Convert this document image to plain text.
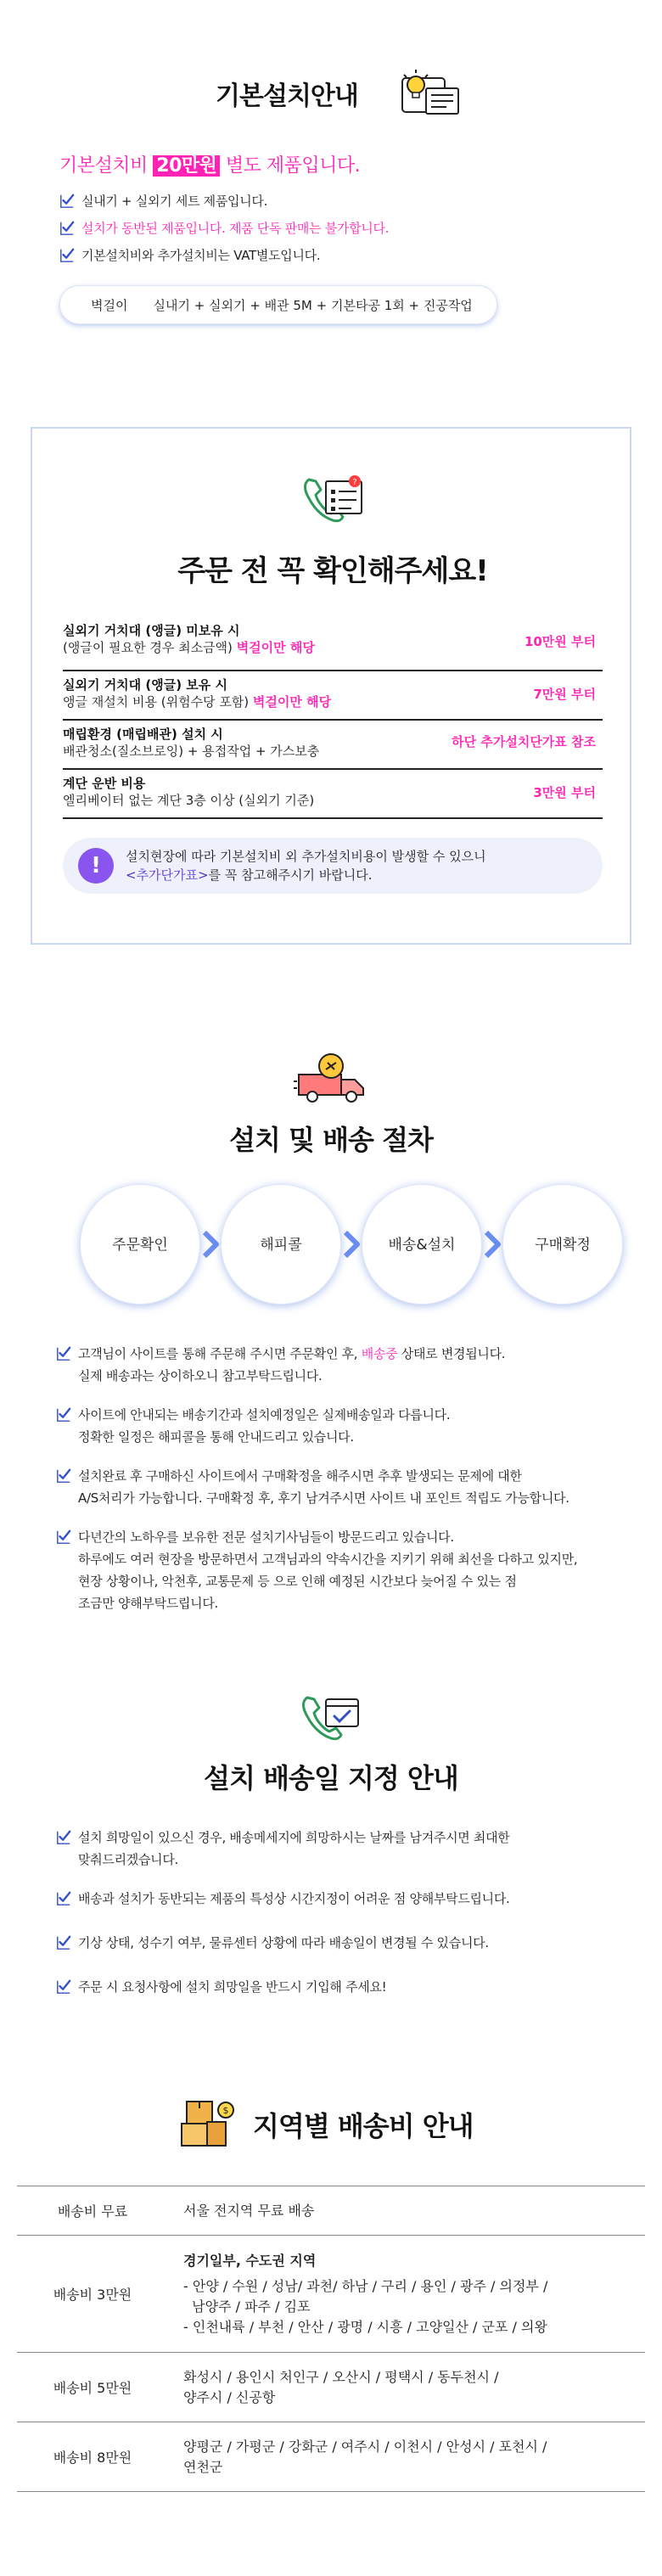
기본설치안내
기본설치비 20만원 별도 제품입니다.
실내기 + 실외기 세트 제품입니다.
설치가 동반된 제품입니다. 제품 단독 판매는 불가합니다.
기본설치비와 추가설치비는 VAT별도입니다.
벽걸이 실내기 + 실외기 + 배관 5M + 기본타공 1회 + 진공작업
?
주문 전 꼭 확인해주세요!
실외기 거치대 (앵글) 미보유 시
(앵글이 필요한 경우 최소금액) 벽걸이만 해당	10만원 부터
실외기 거치대 (앵글) 보유 시
앵글 재설치 비용 (위험수당 포함) 벽걸이만 해당	7만원 부터
매립환경 (매립배관) 설치 시
배관청소(질소브로잉) + 용접작업 + 가스보충
하단 추가설치단가표 참조
계단 운반 비용
엘리베이터 없는 계단 3층 이상 (실외기 기준)	3만원 부터
!	설치현장에 따라 기본설치비 외 추가설치비용이 발생할 수 있으니
<추가단가표>를 꼭 참고해주시기 바랍니다.
설치 및 배송 절차
주문확인	해피콜	배송&설치	구매확정
고객님이 사이트를 통해 주문해 주시면 주문확인 후, 배송중 상태로 변경됩니다.
실제 배송과는 상이하오니 참고부탁드립니다.
사이트에 안내되는 배송기간과 설치예정일은 실제배송일과 다릅니다.
정확한 일정은 해피콜을 통해 안내드리고 있습니다.
설치완료 후 구매하신 사이트에서 구매확정을 해주시면 추후 발생되는 문제에 대한
A/S처리가 가능합니다. 구매확정 후, 후기 남겨주시면 사이트 내 포인트 적립도 가능합니다.
다년간의 노하우를 보유한 전문 설치기사님들이 방문드리고 있습니다.
하루에도 여러 현장을 방문하면서 고객님과의 약속시간을 지키기 위해 최선을 다하고 있지만,
현장 상황이나, 악천후, 교통문제 등 으로 인해 예정된 시간보다 늦어질 수 있는 점
조금만 양해부탁드립니다.
설치 배송일 지정 안내
설치 희망일이 있으신 경우, 배송메세지에 희망하시는 날짜를 남겨주시면 최대한
맞춰드리겠습니다.
배송과 설치가 동반되는 제품의 특성상 시간지정이 어려운 점 양해부탁드립니다.
기상 상태, 성수기 여부, 물류센터 상황에 따라 배송일이 변경될 수 있습니다.
주문 시 요청사항에 설치 희망일을 반드시 기입해 주세요!
$ 지역별 배송비 안내
배송비 무료	서울 전지역 무료 배송
배송비 3만원	경기일부, 수도권 지역
- 안양 / 수원 / 성남/ 과천/ 하남 / 구리 / 용인 / 광주 / 의정부 /
남양주 / 파주 / 김포
- 인천내륙 / 부천 / 안산 / 광명 / 시흥 / 고양일산 / 군포 / 의왕

배송비 5만원	화성시 / 용인시 처인구 / 오산시 / 평택시 / 동두천시 /
양주시 / 신공항

배송비 8만원	양평군 / 가평군 / 강화군 / 여주시 / 이천시 / 안성시 / 포천시 /
연천군
